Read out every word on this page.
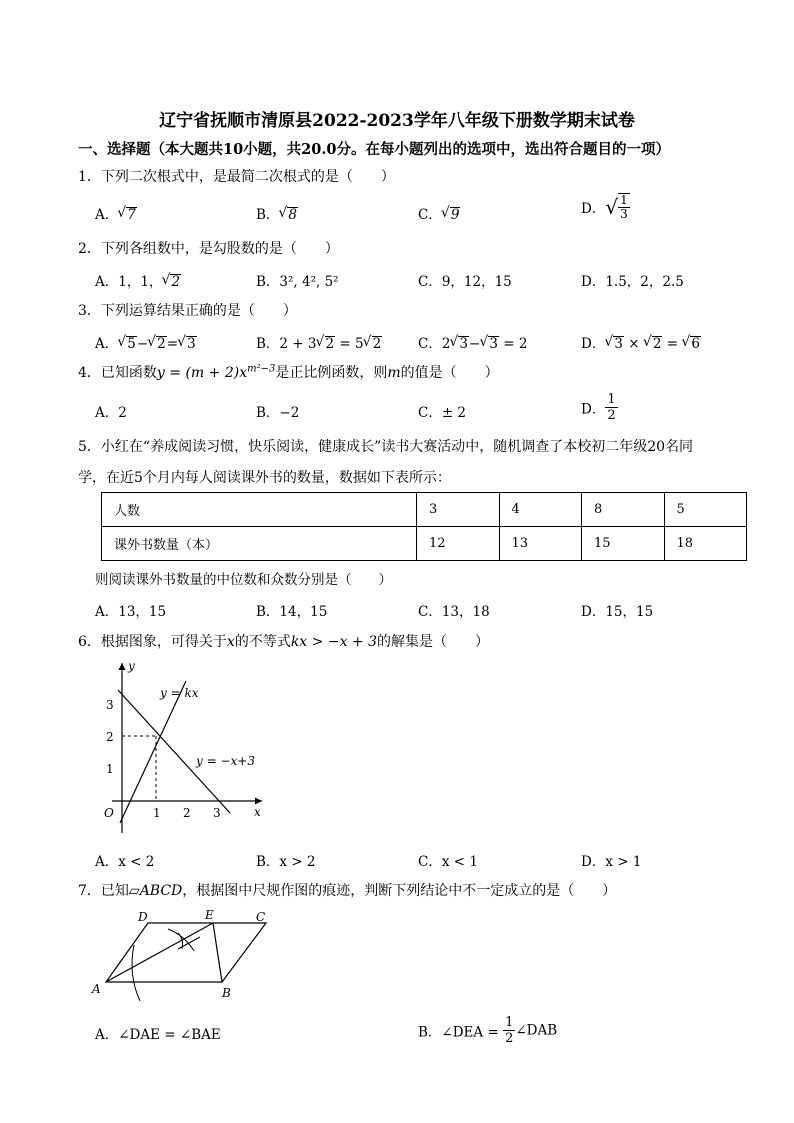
辽宁省抚顺市清原县2022-2023学年八年级下册数学期末试卷
一、选择题（本大题共10小题，共20.0分。在每小题列出的选项中，选出符合题目的一项）
1．下列二次根式中，是最简二次根式的是（　　）
A． √ 7	B． √ 8	C． √ 9	D．√ $\frac{1}{3}$
2．下列各组数中，是勾股数的是（　　）
A．1，1， √ 2	B．3², 4², 5²	C．9，12，15	D．1.5，2，2.5
3．下列运算结果正确的是（　　）
A． √ 5− √ 2= √ 3	B．2 + 3 √ 2 = 5 √ 2	C．2 √ 3− √ 3 = 2	D． √ 3 × √ 2 = √ 6
4．已知函数$y = (m + 2)x^{m^2-3}$是正比例函数，则m的值是（　　）
A．2	B．−2	C．± 2	D． $\frac{1}{2}$
5．小红在“养成阅读习惯，快乐阅读，健康成长”读书大赛活动中，随机调查了本校初二年级20名同
学，在近5个月内每人阅读课外书的数量，数据如下表所示：
人数	3	4	8	5
课外书数量（本）	12	13	15	18
则阅读课外书数量的中位数和众数分别是（　　）
A．13，15	B．14，15	C．13，18	D．15，15
6．根据图象，可得关于x的不等式kx > −x + 3的解集是（　　）
y
x
O	1 2 3
1
2
3
y = kx
y = −x+3
A．x < 2	B．x > 2	C．x < 1	D．x > 1
7．已知▱ABCD，根据图中尺规作图的痕迹，判断下列结论中不一定成立的是（　　）
A	B
C
D	E
A．∠DAE = ∠BAE	B．∠DEA = $\frac{1}{2}$ ∠DAB
